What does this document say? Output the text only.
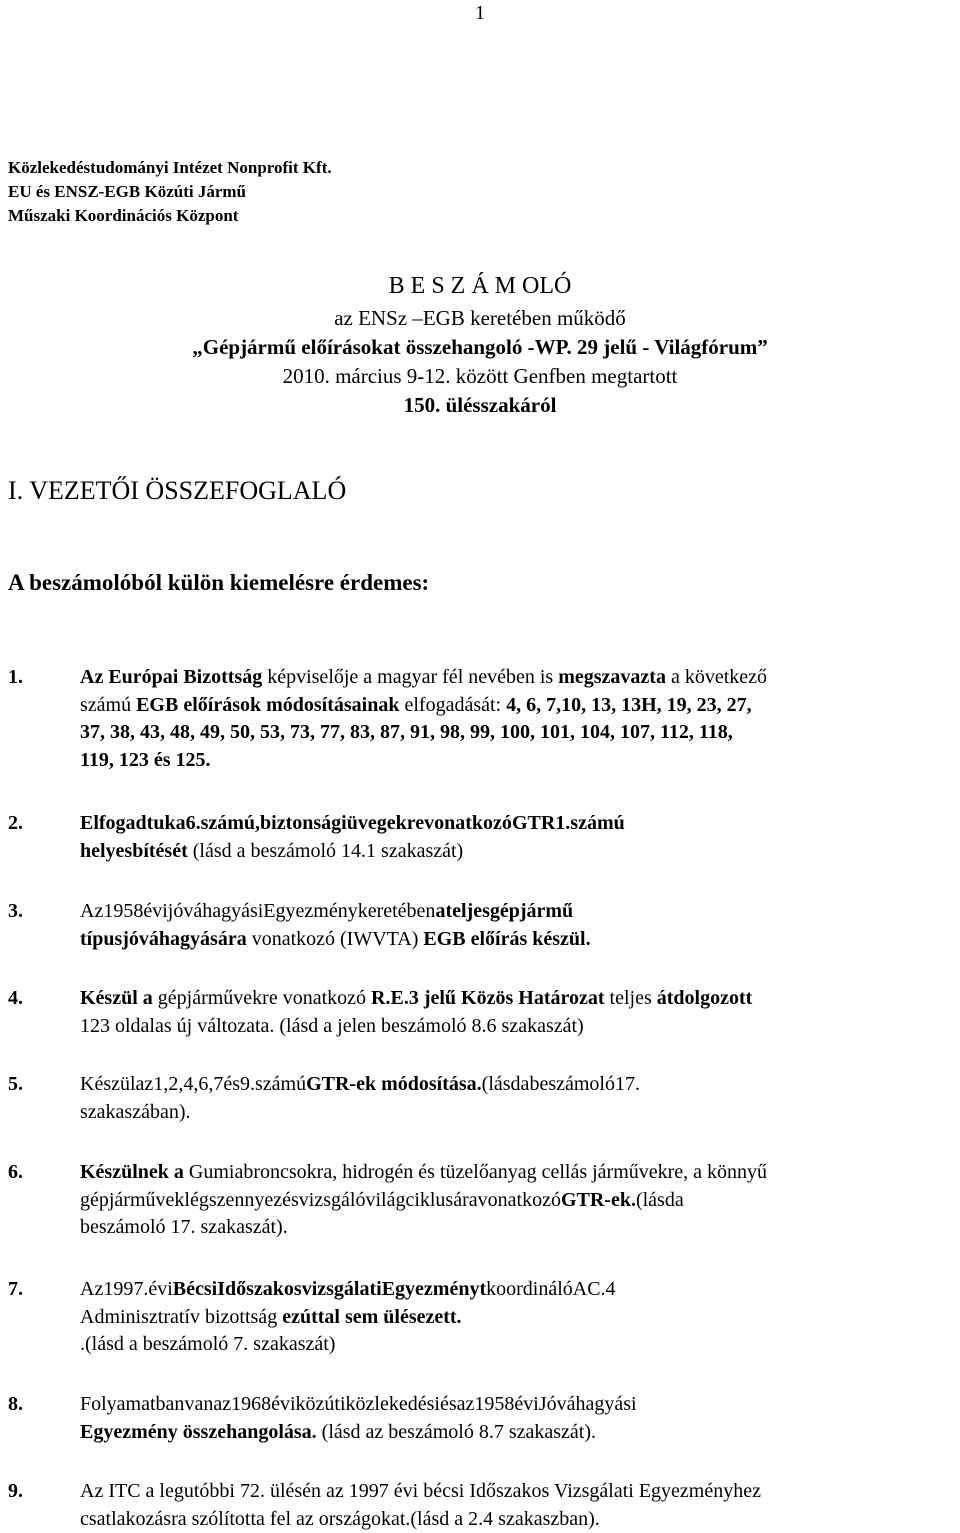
1
Közlekedéstudományi Intézet Nonprofit Kft.
EU és ENSZ-EGB Közúti Jármű
Műszaki Koordinációs Központ
B E S Z Á M OLÓ
az ENSz –EGB keretében működő
„Gépjármű előírásokat összehangoló -WP. 29 jelű - Világfórum”
2010. március 9-12. között Genfben megtartott
150. ülésszakáról
I. VEZETŐI ÖSSZEFOGLALÓ
A beszámolóból külön kiemelésre érdemes:
1.	Az Európai Bizottság képviselője a magyar fél nevében is megszavazta a következő
számú EGB előírások módosításainak elfogadását: 4, 6, 7,10, 13, 13H, 19, 23, 27,
37, 38, 43, 48, 49, 50, 53, 73, 77, 83, 87, 91, 98, 99, 100, 101, 104, 107, 112, 118,
119, 123 és 125.
2.	Elfogadtuka6.számú,biztonságiüvegekrevonatkozóGTR1.számú
helyesbítését (lásd a beszámoló 14.1 szakaszát)
3.	Az1958évijóváhagyásiEgyezménykeretébenateljesgépjármű
típusjóváhagyására vonatkozó (IWVTA) EGB előírás készül.
4.	Készül a gépjárművekre vonatkozó R.E.3 jelű Közös Határozat teljes átdolgozott
123 oldalas új változata. (lásd a jelen beszámoló 8.6 szakaszát)
5.	Készülaz1,2,4,6,7és9.számúGTR-ek módosítása.(lásdabeszámoló17.
szakaszában).
6.	Készülnek a Gumiabroncsokra, hidrogén és tüzelőanyag cellás járművekre, a könnyű
gépjárműveklégszennyezésvizsgálóvilágciklusáravonatkozóGTR-ek.(lásda
beszámoló 17. szakaszát).
7.	Az1997.éviBécsiIdőszakosvizsgálatiEgyezménytkoordinálóAC.4
Adminisztratív bizottság ezúttal sem ülésezett.
.(lásd a beszámoló 7. szakaszát)
8.	Folyamatbanvanaz1968éviközútiközlekedésiésaz1958éviJóváhagyási
Egyezmény összehangolása. (lásd az beszámoló 8.7 szakaszát).
9.	Az ITC a legutóbbi 72. ülésén az 1997 évi bécsi Időszakos Vizsgálati Egyezményhez
csatlakozásra szólította fel az országokat.(lásd a 2.4 szakaszban).
